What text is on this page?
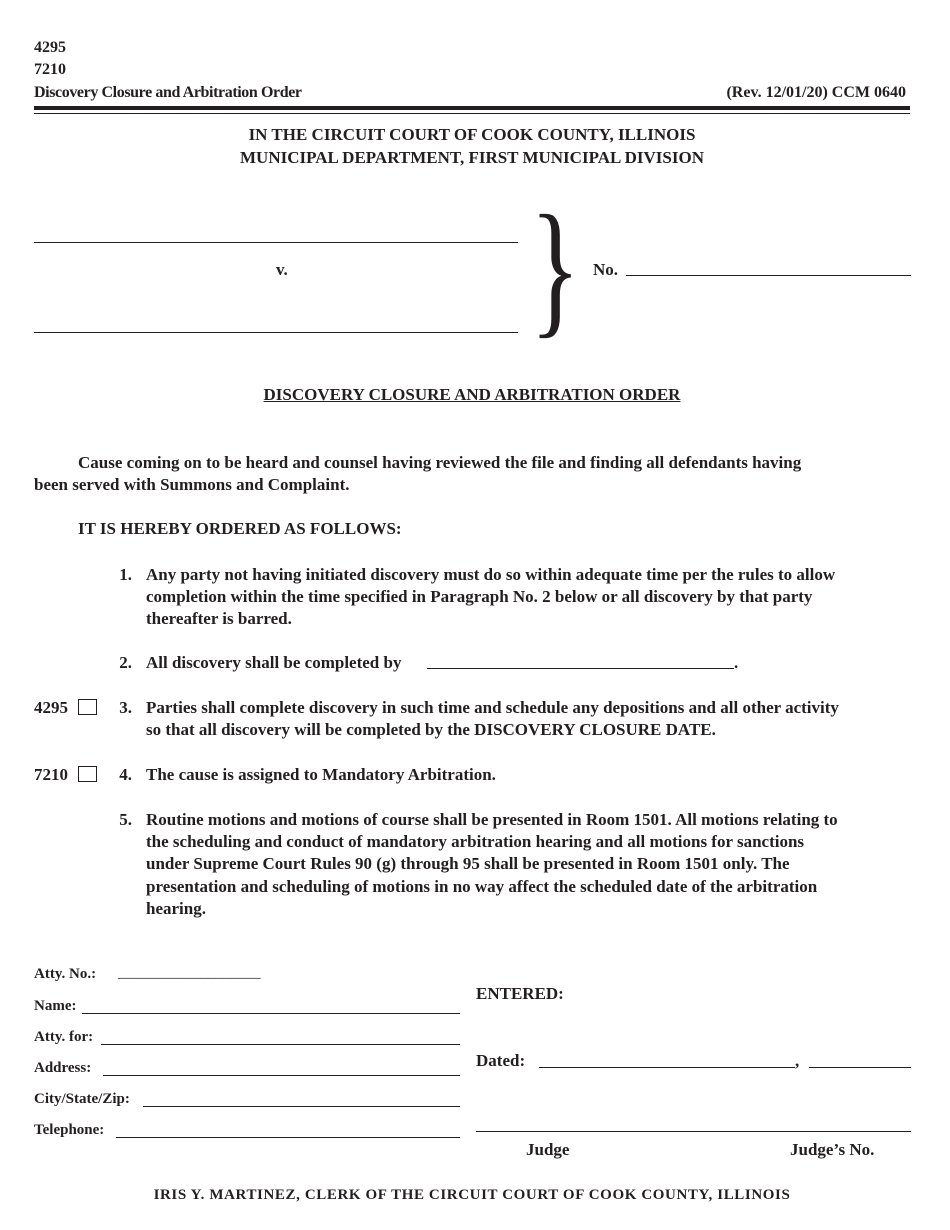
4295
7210
Discovery Closure and Arbitration Order	(Rev. 12/01/20) CCM 0640
IN THE CIRCUIT COURT OF COOK COUNTY, ILLINOIS
MUNICIPAL DEPARTMENT, FIRST MUNICIPAL DIVISION
v. } No.
DISCOVERY CLOSURE AND ARBITRATION ORDER
Cause coming on to be heard and counsel having reviewed the file and finding all defendants having
been served with Summons and Complaint.
IT IS HEREBY ORDERED AS FOLLOWS:
1. Any party not having initiated discovery must do so within adequate time per the rules to allow
completion within the time specified in Paragraph No. 2 below or all discovery by that party
thereafter is barred.
2. All discovery shall be completed by	.
4295	3. Parties shall complete discovery in such time and schedule any depositions and all other activity
so that all discovery will be completed by the DISCOVERY CLOSURE DATE.
7210	4. The cause is assigned to Mandatory Arbitration.
5. Routine motions and motions of course shall be presented in Room 1501. All motions relating to
the scheduling and conduct of mandatory arbitration hearing and all motions for sanctions
under Supreme Court Rules 90 (g) through 95 shall be presented in Room 1501 only. The
presentation and scheduling of motions in no way affect the scheduled date of the arbitration
hearing.
Atty. No.: ___________________
Name:
Atty. for:
Address:
City/State/Zip:
Telephone:
ENTERED:
Dated:	,
Judge	Judge’s No.
IRIS Y. MARTINEZ, CLERK OF THE CIRCUIT COURT OF COOK COUNTY, ILLINOIS
